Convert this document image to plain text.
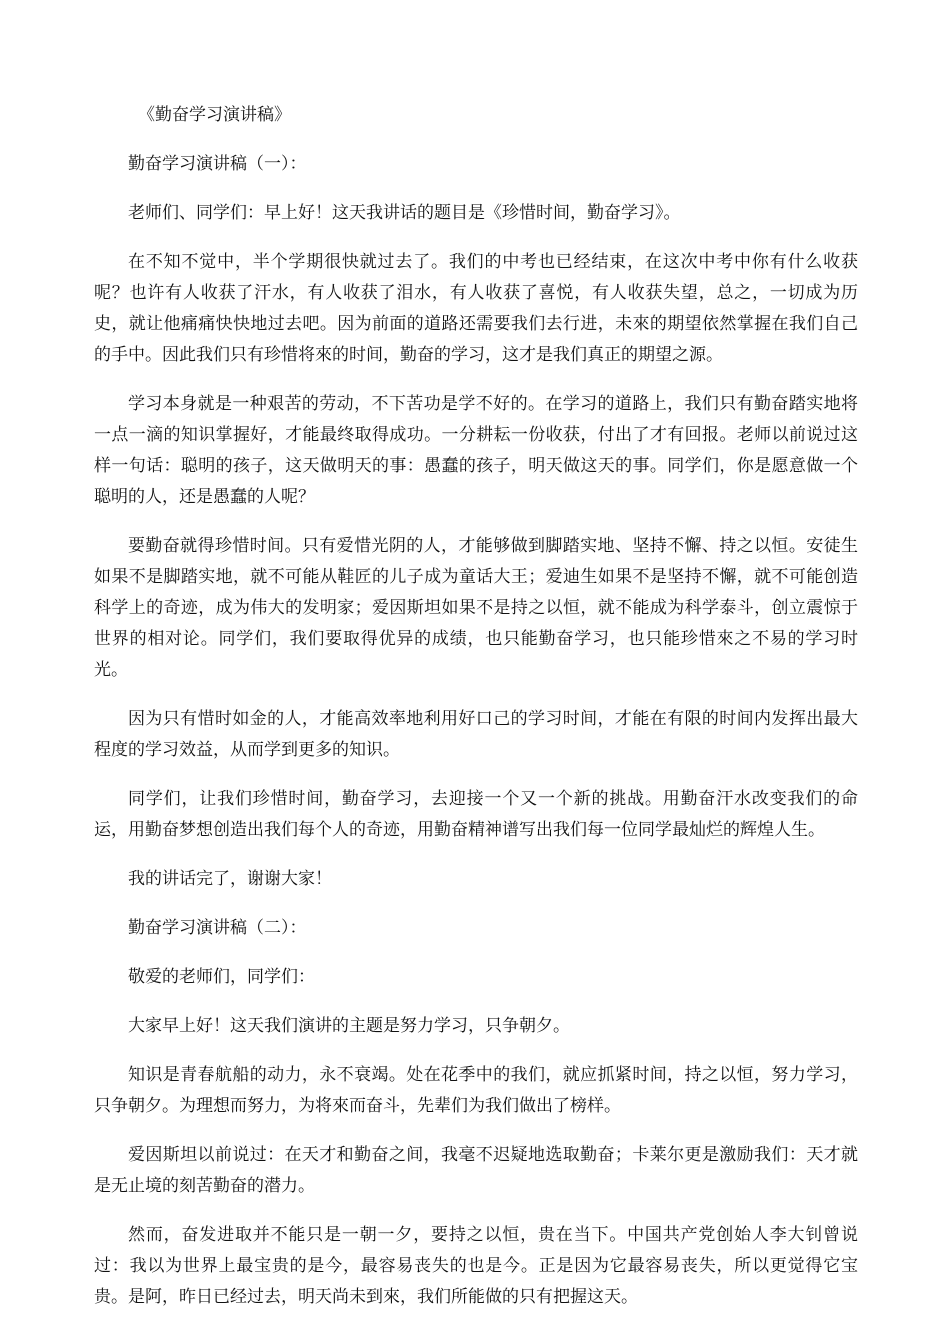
《勤奋学习演讲稿》

勤奋学习演讲稿（一）：

老师们、同学们：早上好！这天我讲话的题目是《珍惜时间，勤奋学习》。

在不知不觉中，半个学期很快就过去了。我们的中考也已经结束，在这次中考中你有什么收获呢？也许有人收获了汗水，有人收获了泪水，有人收获了喜悦，有人收获失望，总之，一切成为历史，就让他痛痛快快地过去吧。因为前面的道路还需要我们去行进，未來的期望依然掌握在我们自己的手中。因此我们只有珍惜将來的时间，勤奋的学习，这才是我们真正的期望之源。

学习本身就是一种艰苦的劳动，不下苦功是学不好的。在学习的道路上，我们只有勤奋踏实地将一点一滴的知识掌握好，才能最终取得成功。一分耕耘一份收获，付出了才有回报。老师以前说过这样一句话：聪明的孩子，这天做明天的事：愚蠢的孩子，明天做这天的事。同学们，你是愿意做一个聪明的人，还是愚蠢的人呢？

要勤奋就得珍惜时间。只有爱惜光阴的人，才能够做到脚踏实地、坚持不懈、持之以恒。安徒生如果不是脚踏实地，就不可能从鞋匠的儿子成为童话大王；爱迪生如果不是坚持不懈，就不可能创造科学上的奇迹，成为伟大的发明家；爱因斯坦如果不是持之以恒，就不能成为科学泰斗，创立震惊于世界的相对论。同学们，我们要取得优异的成绩，也只能勤奋学习，也只能珍惜來之不易的学习时光。

因为只有惜时如金的人，才能高效率地利用好口己的学习时间，才能在有限的时间内发挥出最大程度的学习效益，从而学到更多的知识。

同学们，让我们珍惜时间，勤奋学习，去迎接一个又一个新的挑战。用勤奋汗水改变我们的命运，用勤奋梦想创造出我们每个人的奇迹，用勤奋精神谱写出我们每一位同学最灿烂的辉煌人生。

我的讲话完了，谢谢大家！

勤奋学习演讲稿（二）：

敬爱的老师们，同学们：

大家早上好！这天我们演讲的主题是努力学习，只争朝夕。

知识是青春航船的动力，永不衰竭。处在花季中的我们，就应抓紧时间，持之以恒，努力学习，只争朝夕。为理想而努力，为将來而奋斗，先辈们为我们做出了榜样。

爱因斯坦以前说过：在天才和勤奋之间，我毫不迟疑地选取勤奋；卡莱尔更是激励我们：天才就是无止境的刻苦勤奋的潜力。

然而，奋发进取并不能只是一朝一夕，要持之以恒，贵在当下。中国共产党创始人李大钊曾说过：我以为世界上最宝贵的是今，最容易丧失的也是今。正是因为它最容易丧失，所以更觉得它宝贵。是阿，昨日已经过去，明天尚未到來，我们所能做的只有把握这天。
